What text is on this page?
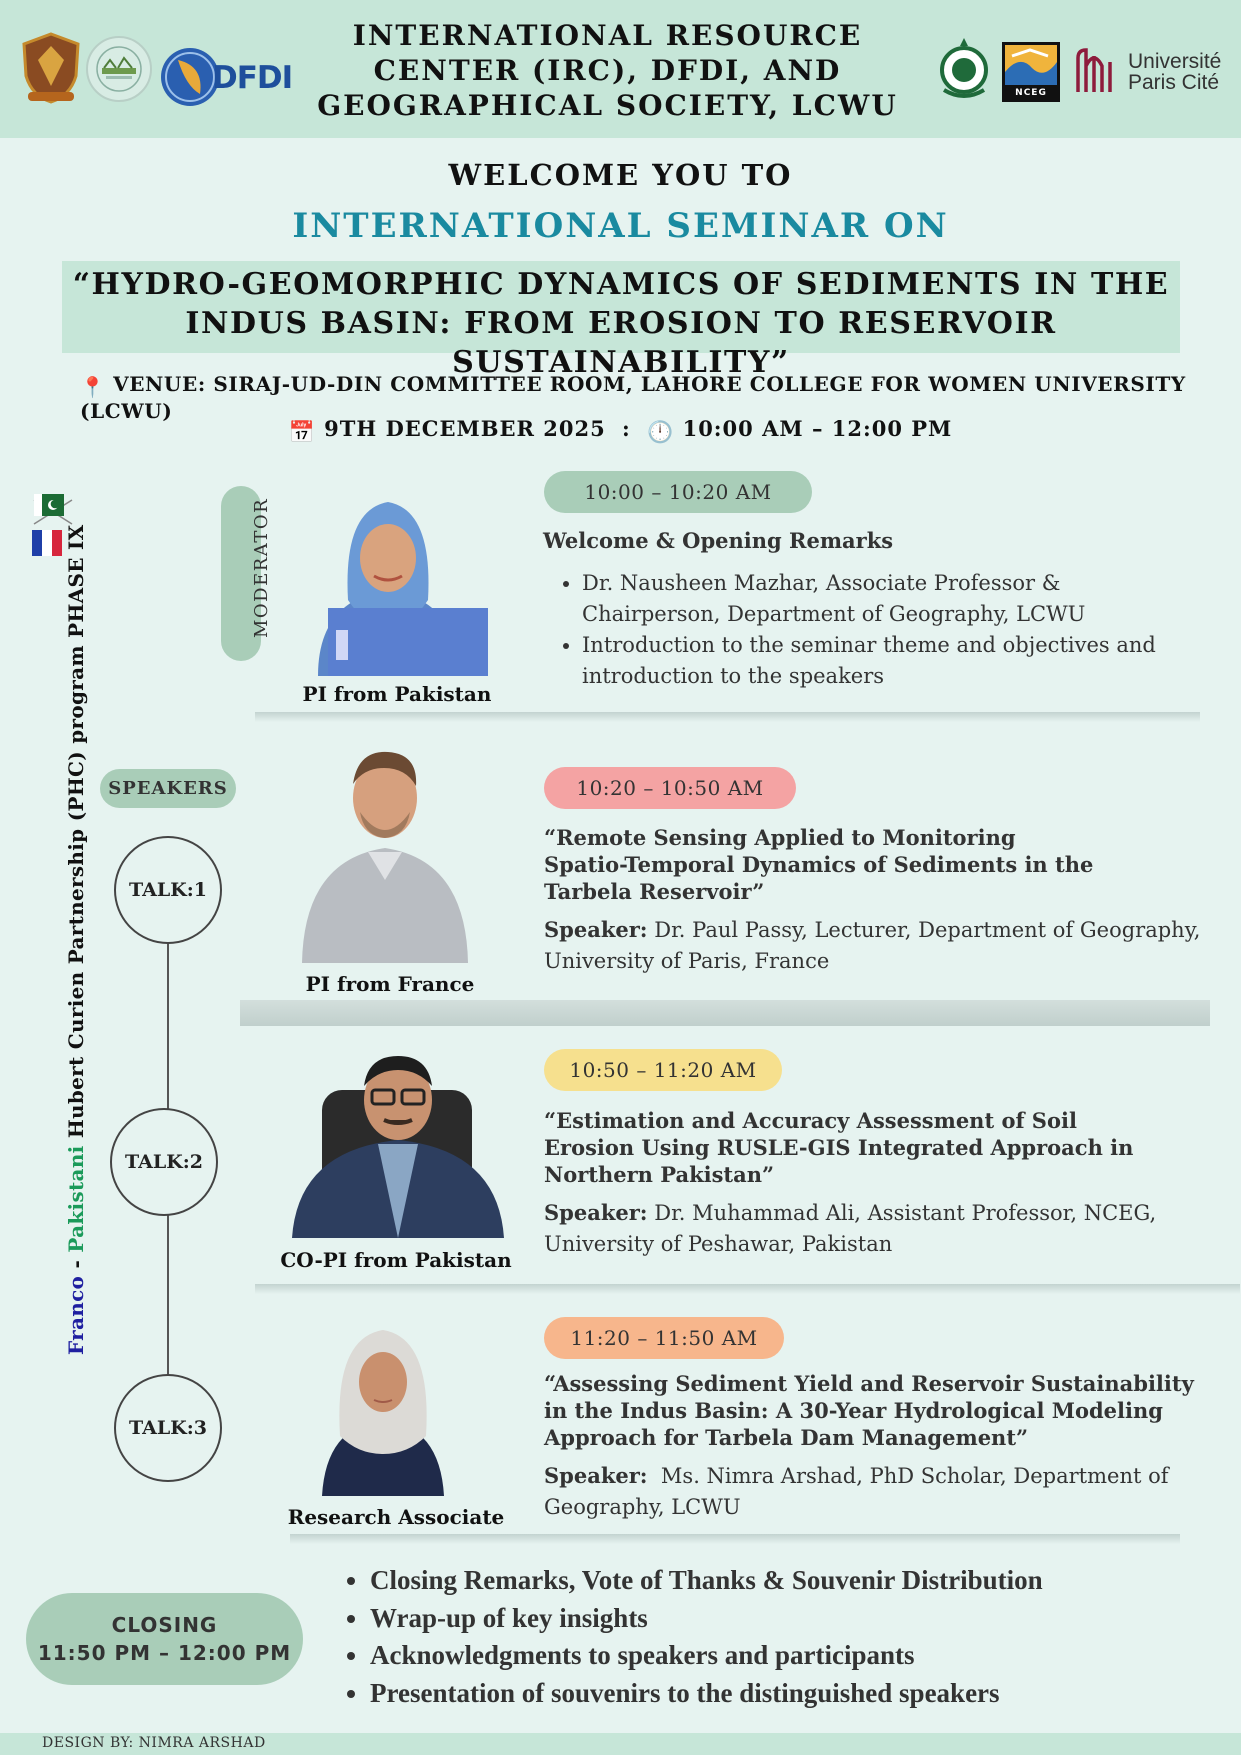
DFDI
INTERNATIONAL RESOURCE CENTER (IRC), DFDI, AND GEOGRAPHICAL SOCIETY, LCWU	NCEG
Université
Paris Cité
WELCOME YOU TO
INTERNATIONAL SEMINAR ON
“HYDRO-GEOMORPHIC DYNAMICS OF SEDIMENTS IN THE INDUS BASIN: FROM EROSION TO RESERVOIR SUSTAINABILITY”
📍 VENUE: SIRAJ-UD-DIN COMMITTEE ROOM, LAHORE COLLEGE FOR WOMEN UNIVERSITY (LCWU)
📅 9TH DECEMBER 2025 : 🕛 10:00 AM – 12:00 PM
Franco - Pakistani Hubert Curien Partnership (PHC) program PHASE IX	MODERATOR
SPEAKERS
TALK:1
TALK:2
TALK:3
PI from Pakistan
10:00 – 10:20 AM
Welcome & Opening Remarks
• Dr. Nausheen Mazhar, Associate Professor & Chairperson, Department of Geography, LCWU
• Introduction to the seminar theme and objectives and introduction to the speakers
PI from France
10:20 – 10:50 AM
“Remote Sensing Applied to Monitoring Spatio-Temporal Dynamics of Sediments in the Tarbela Reservoir”
Speaker: Dr. Paul Passy, Lecturer, Department of Geography, University of Paris, France
CO-PI from Pakistan
10:50 – 11:20 AM
“Estimation and Accuracy Assessment of Soil Erosion Using RUSLE-GIS Integrated Approach in Northern Pakistan”
Speaker: Dr. Muhammad Ali, Assistant Professor, NCEG, University of Peshawar, Pakistan
Research Associate
11:20 – 11:50 AM
“Assessing Sediment Yield and Reservoir Sustainability in the Indus Basin: A 30-Year Hydrological Modeling Approach for Tarbela Dam Management”
Speaker:  Ms. Nimra Arshad, PhD Scholar, Department of Geography, LCWU
CLOSING
11:50 PM – 12:00 PM
• Closing Remarks, Vote of Thanks & Souvenir Distribution
• Wrap-up of key insights
• Acknowledgments to speakers and participants
• Presentation of souvenirs to the distinguished speakers
DESIGN BY: NIMRA ARSHAD
